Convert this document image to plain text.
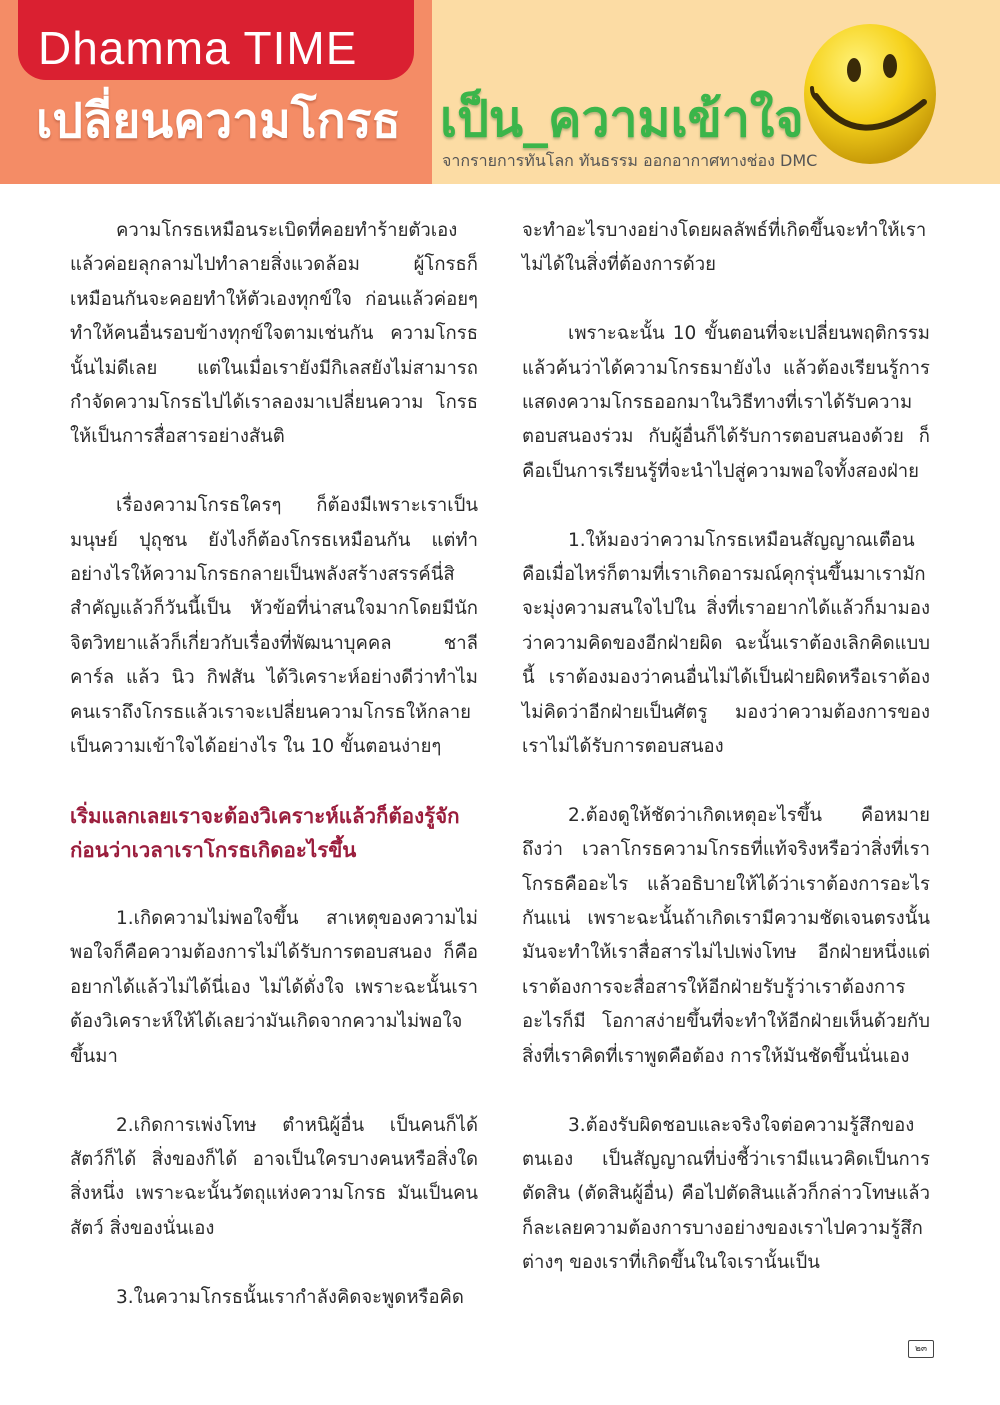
Dhamma TIME
เปลี่ยนความโกรธ เป็น_ความเข้าใจ
จากรายการทันโลก ทันธรรม ออกอากาศทางช่อง DMC

ความโกรธเหมือนระเบิดที่คอยทำร้ายตัวเอง แล้วค่อยลุกลามไปทำลายสิ่งแวดล้อม ผู้โกรธก็เหมือนกันจะคอยทำให้ตัวเองทุกข์ใจ ก่อนแล้วค่อยๆทำให้คนอื่นรอบข้างทุกข์ใจตามเช่นกัน ความโกรธนั้นไม่ดีเลย แต่ในเมื่อเรายังมีกิเลสยังไม่สามารถกำจัดความโกรธไปได้เราลองมาเปลี่ยนความ โกรธให้เป็นการสื่อสารอย่างสันติ

เรื่องความโกรธใครๆ ก็ต้องมีเพราะเราเป็นมนุษย์ ปุถุชน ยังไงก็ต้องโกรธเหมือนกัน แต่ทำอย่างไรให้ความโกรธกลายเป็นพลังสร้างสรรค์นี่สิสำคัญแล้วก็วันนี้เป็น หัวข้อที่น่าสนใจมากโดยมีนักจิตวิทยาแล้วก็เกี่ยวกับเรื่องที่พัฒนาบุคคล ชาลี คาร์ล แล้ว นิว กิฟสัน ได้วิเคราะห์อย่างดีว่าทำไมคนเราถึงโกรธแล้วเราจะเปลี่ยนความโกรธให้กลาย เป็นความเข้าใจได้อย่างไร ใน 10 ขั้นตอนง่ายๆ

เริ่มแลกเลยเราจะต้องวิเคราะห์แล้วก็ต้องรู้จักก่อนว่าเวลาเราโกรธเกิดอะไรขึ้น

1.เกิดความไม่พอใจขึ้น สาเหตุของความไม่พอใจก็คือความต้องการไม่ได้รับการตอบสนอง ก็คืออยากได้แล้วไม่ได้นี่เอง ไม่ได้ดั่งใจ เพราะฉะนั้นเราต้องวิเคราะห์ให้ได้เลยว่ามันเกิดจากความไม่พอใจขึ้นมา

2.เกิดการเพ่งโทษ ตำหนิผู้อื่น เป็นคนก็ได้ สัตว์ก็ได้ สิ่งของก็ได้ อาจเป็นใครบางคนหรือสิ่งใดสิ่งหนึ่ง เพราะฉะนั้นวัตถุแห่งความโกรธ มันเป็นคน สัตว์ สิ่งของนั่นเอง

3.ในความโกรธนั้นเรากำลังคิดจะพูดหรือคิด

จะทำอะไรบางอย่างโดยผลลัพธ์ที่เกิดขึ้นจะทำให้เราไม่ได้ในสิ่งที่ต้องการด้วย

เพราะฉะนั้น 10 ขั้นตอนที่จะเปลี่ยนพฤติกรรมแล้วค้นว่าได้ความโกรธมายังไง แล้วต้องเรียนรู้การแสดงความโกรธออกมาในวิธีทางที่เราได้รับความตอบสนองร่วม กับผู้อื่นก็ได้รับการตอบสนองด้วย ก็คือเป็นการเรียนรู้ที่จะนำไปสู่ความพอใจทั้งสองฝ่าย

1.ให้มองว่าความโกรธเหมือนสัญญาณเตือน คือเมื่อไหร่ก็ตามที่เราเกิดอารมณ์คุกรุ่นขึ้นมาเรามักจะมุ่งความสนใจไปใน สิ่งที่เราอยากได้แล้วก็มามองว่าความคิดของอีกฝ่ายผิด ฉะนั้นเราต้องเลิกคิดแบบนี้ เราต้องมองว่าคนอื่นไม่ได้เป็นฝ่ายผิดหรือเราต้องไม่คิดว่าอีกฝ่ายเป็นศัตรู มองว่าความต้องการของเราไม่ได้รับการตอบสนอง

2.ต้องดูให้ชัดว่าเกิดเหตุอะไรขึ้น คือหมายถึงว่า เวลาโกรธความโกรธที่แท้จริงหรือว่าสิ่งที่เราโกรธคืออะไร แล้วอธิบายให้ได้ว่าเราต้องการอะไรกันแน่ เพราะฉะนั้นถ้าเกิดเรามีความชัดเจนตรงนั้นมันจะทำให้เราสื่อสารไม่ไปเพ่งโทษ อีกฝ่ายหนึ่งแต่เราต้องการจะสื่อสารให้อีกฝ่ายรับรู้ว่าเราต้องการอะไรก็มี โอกาสง่ายขึ้นที่จะทำให้อีกฝ่ายเห็นด้วยกับสิ่งที่เราคิดที่เราพูดคือต้อง การให้มันชัดขึ้นนั่นเอง

3.ต้องรับผิดชอบและจริงใจต่อความรู้สึกของตนเอง เป็นสัญญาณที่บ่งชี้ว่าเรามีแนวคิดเป็นการตัดสิน (ตัดสินผู้อื่น) คือไปตัดสินแล้วก็กล่าวโทษแล้วก็ละเลยความต้องการบางอย่างของเราไปความรู้สึกต่างๆ ของเราที่เกิดขึ้นในใจเรานั้นเป็น

๒๓
